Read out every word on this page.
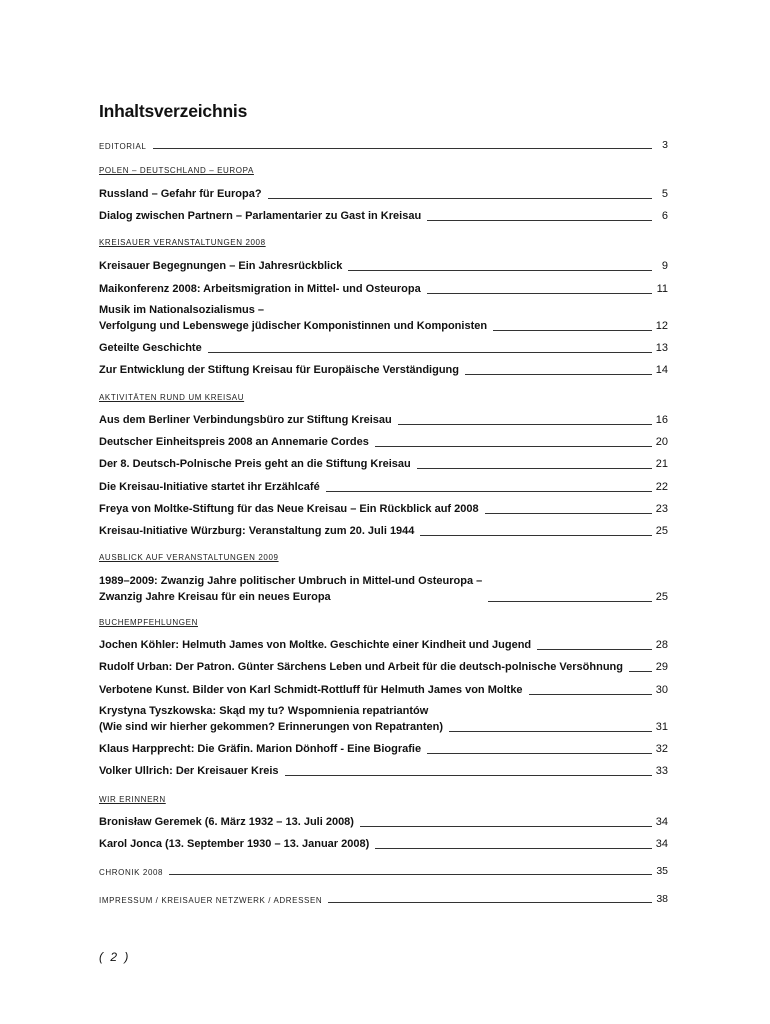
Inhaltsverzeichnis
EDITORIAL	3
POLEN – DEUTSCHLAND – EUROPA
Russland – Gefahr für Europa?	5
Dialog zwischen Partnern – Parlamentarier zu Gast in Kreisau	6
KREISAUER VERANSTALTUNGEN 2008
Kreisauer Begegnungen – Ein Jahresrückblick	9
Maikonferenz 2008: Arbeitsmigration in Mittel- und Osteuropa	11
Musik im Nationalsozialismus –
Verfolgung und Lebenswege jüdischer Komponistinnen und Komponisten	12
Geteilte Geschichte	13
Zur Entwicklung der Stiftung Kreisau für Europäische Verständigung	14
AKTIVITÄTEN RUND UM KREISAU
Aus dem Berliner Verbindungsbüro zur Stiftung Kreisau	16
Deutscher Einheitspreis 2008 an Annemarie Cordes	20
Der 8. Deutsch-Polnische Preis geht an die Stiftung Kreisau	21
Die Kreisau-Initiative startet ihr Erzählcafé	22
Freya von Moltke-Stiftung für das Neue Kreisau – Ein Rückblick auf 2008	23
Kreisau-Initiative Würzburg: Veranstaltung zum 20. Juli 1944	25
AUSBLICK AUF VERANSTALTUNGEN 2009
1989–2009: Zwanzig Jahre politischer Umbruch in Mittel-und Osteuropa –
Zwanzig Jahre Kreisau für ein neues Europa	25
BUCHEMPFEHLUNGEN
Jochen Köhler: Helmuth James von Moltke. Geschichte einer Kindheit und Jugend	28
Rudolf Urban: Der Patron. Günter Särchens Leben und Arbeit für die deutsch-polnische Versöhnung	29
Verbotene Kunst. Bilder von Karl Schmidt-Rottluff für Helmuth James von Moltke	30
Krystyna Tyszkowska: Skąd my tu? Wspomnienia repatriantów
(Wie sind wir hierher gekommen? Erinnerungen von Repatranten)	31
Klaus Harpprecht: Die Gräfin. Marion Dönhoff - Eine Biografie	32
Volker Ullrich: Der Kreisauer Kreis	33
WIR ERINNERN
Bronisław Geremek (6. März 1932 – 13. Juli 2008)	34
Karol Jonca (13. September 1930 – 13. Januar 2008)	34
CHRONIK 2008	35
IMPRESSUM / KREISAUER NETZWERK / ADRESSEN	38
( 2 )
